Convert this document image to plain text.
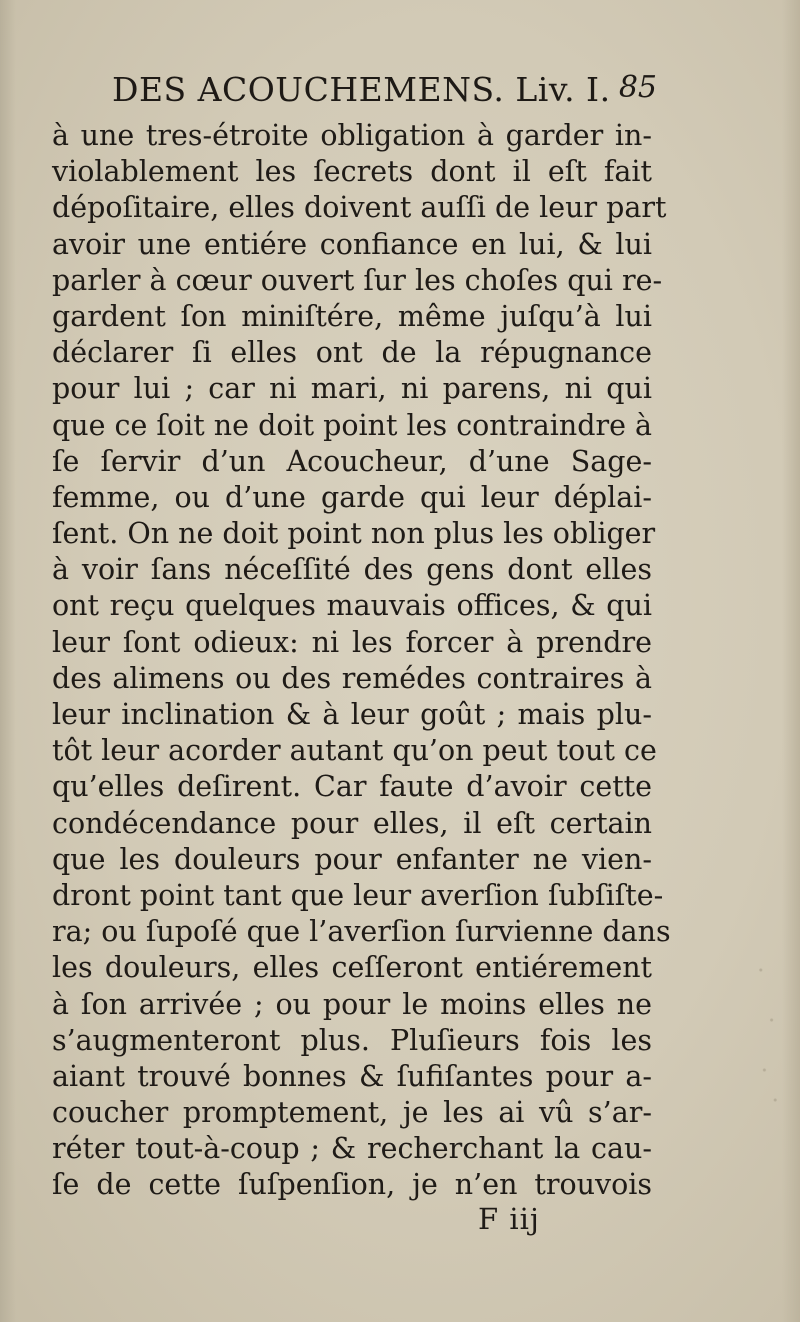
DES ACOUCHEMENS. Liv. I. 85
à une tres-étroite obligation à garder in-
violablement les ſecrets dont il eſt fait
dépoſitaire, elles doivent auſſi de leur part
avoir une entiére confiance en lui, & lui
parler à cœur ouvert ſur les choſes qui re-
gardent ſon miniſtére, même juſqu’à lui
déclarer ſi elles ont de la répugnance
pour lui ; car ni mari, ni parens, ni qui
que ce ſoit ne doit point les contraindre à
ſe ſervir d’un Acoucheur, d’une Sage-
femme, ou d’une garde qui leur déplai-
ſent. On ne doit point non plus les obliger
à voir ſans néceſſité des gens dont elles
ont reçu quelques mauvais offices, & qui
leur ſont odieux: ni les forcer à prendre
des alimens ou des remédes contraires à
leur inclination & à leur goût ; mais plu-
tôt leur acorder autant qu’on peut tout ce
qu’elles deſirent. Car faute d’avoir cette
condécendance pour elles, il eſt certain
que les douleurs pour enfanter ne vien-
dront point tant que leur averſion ſubſiſte-
ra; ou ſupoſé que l’averſion ſurvienne dans
les douleurs, elles ceſſeront entiérement
à ſon arrivée ; ou pour le moins elles ne
s’augmenteront plus. Pluſieurs fois les
aiant trouvé bonnes & ſufiſantes pour a-
coucher promptement, je les ai vû s’ar-
réter tout-à-coup ; & recherchant la cau-
ſe de cette ſuſpenſion, je n’en trouvois
F iij
